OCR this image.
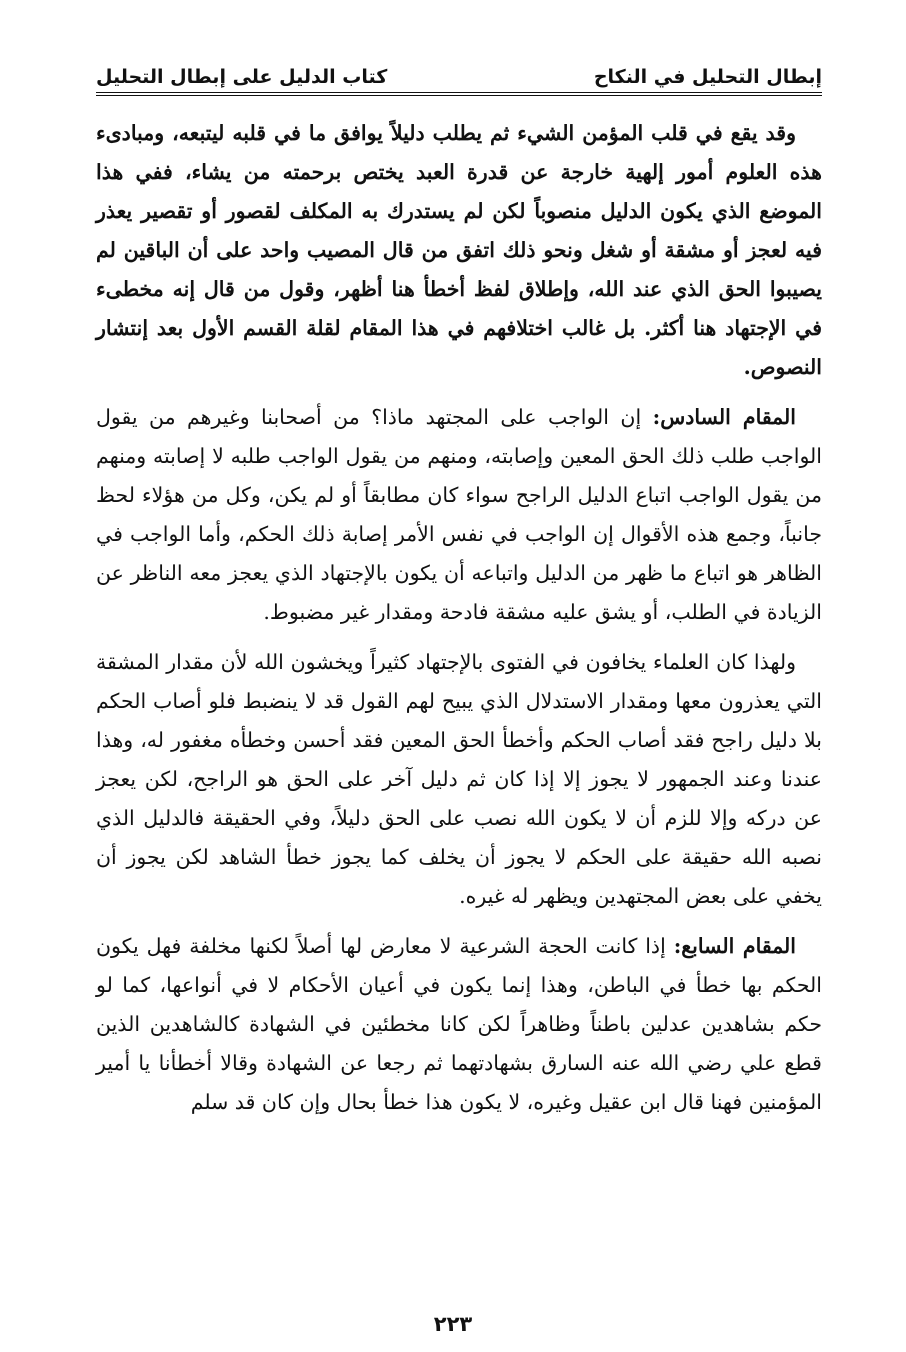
إبطال التحليل في النكاح
كتاب الدليل على إبطال التحليل

وقد يقع في قلب المؤمن الشيء ثم يطلب دليلاً يوافق ما في قلبه ليتبعه، ومبادىء هذه العلوم أمور إلهية خارجة عن قدرة العبد يختص برحمته من يشاء، ففي هذا الموضع الذي يكون الدليل منصوباً لكن لم يستدرك به المكلف لقصور أو تقصير يعذر فيه لعجز أو مشقة أو شغل ونحو ذلك اتفق من قال المصيب واحد على أن الباقين لم يصيبوا الحق الذي عند الله، وإطلاق لفظ أخطأ هنا أظهر، وقول من قال إنه مخطىء في الإجتهاد هنا أكثر. بل غالب اختلافهم في هذا المقام لقلة القسم الأول بعد إنتشار النصوص.

المقام السادس: إن الواجب على المجتهد ماذا؟ من أصحابنا وغيرهم من يقول الواجب طلب ذلك الحق المعين وإصابته، ومنهم من يقول الواجب طلبه لا إصابته ومنهم من يقول الواجب اتباع الدليل الراجح سواء كان مطابقاً أو لم يكن، وكل من هؤلاء لحظ جانباً، وجمع هذه الأقوال إن الواجب في نفس الأمر إصابة ذلك الحكم، وأما الواجب في الظاهر هو اتباع ما ظهر من الدليل واتباعه أن يكون بالإجتهاد الذي يعجز معه الناظر عن الزيادة في الطلب، أو يشق عليه مشقة فادحة ومقدار غير مضبوط.

ولهذا كان العلماء يخافون في الفتوى بالإجتهاد كثيراً ويخشون الله لأن مقدار المشقة التي يعذرون معها ومقدار الاستدلال الذي يبيح لهم القول قد لا ينضبط فلو أصاب الحكم بلا دليل راجح فقد أصاب الحكم وأخطأ الحق المعين فقد أحسن وخطأه مغفور له، وهذا عندنا وعند الجمهور لا يجوز إلا إذا كان ثم دليل آخر على الحق هو الراجح، لكن يعجز عن دركه وإلا للزم أن لا يكون الله نصب على الحق دليلاً، وفي الحقيقة فالدليل الذي نصبه الله حقيقة على الحكم لا يجوز أن يخلف كما يجوز خطأ الشاهد لكن يجوز أن يخفي على بعض المجتهدين ويظهر له غيره.

المقام السابع: إذا كانت الحجة الشرعية لا معارض لها أصلاً لكنها مخلفة فهل يكون الحكم بها خطأ في الباطن، وهذا إنما يكون في أعيان الأحكام لا في أنواعها، كما لو حكم بشاهدين عدلين باطناً وظاهراً لكن كانا مخطئين في الشهادة كالشاهدين الذين قطع علي رضي الله عنه السارق بشهادتهما ثم رجعا عن الشهادة وقالا أخطأنا يا أمير المؤمنين فهنا قال ابن عقيل وغيره، لا يكون هذا خطأ بحال وإن كان قد سلم

٢٢٣
